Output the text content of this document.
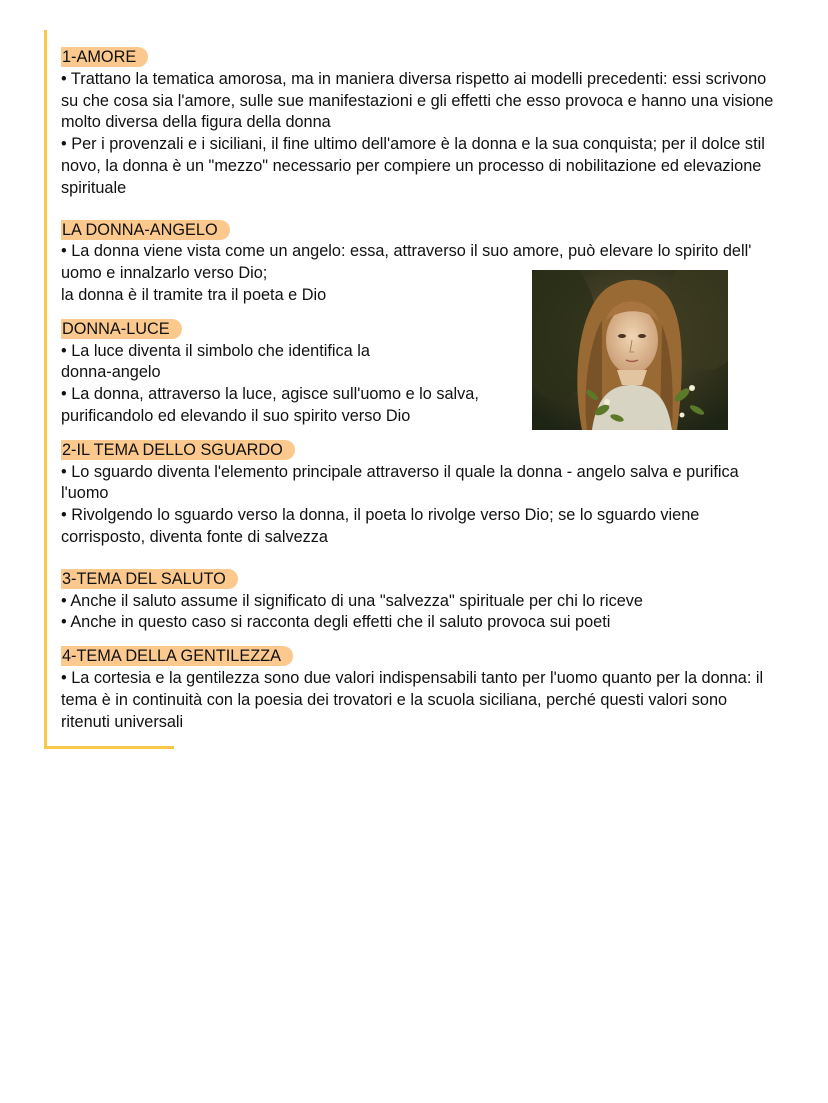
1-AMORE

• Trattano la tematica amorosa, ma in maniera diversa rispetto ai modelli precedenti: essi scrivono su che cosa sia l'amore, sulle sue manifestazioni e gli effetti che esso provoca e hanno una visione molto diversa della figura della donna

• Per i provenzali e i siciliani, il fine ultimo dell'amore è la donna e la sua conquista; per il dolce stil novo, la donna è un "mezzo" necessario per compiere un processo di nobilitazione ed elevazione spirituale

LA DONNA-ANGELO

• La donna viene vista come un angelo: essa, attraverso il suo amore, può elevare lo spirito dell' uomo e innalzarlo verso Dio;

la donna è il tramite tra il poeta e Dio

DONNA-LUCE

• La luce diventa il simbolo che identifica la donna-angelo

• La donna, attraverso la luce, agisce sull'uomo e lo salva, purificandolo ed elevando il suo spirito verso Dio

2-IL TEMA DELLO SGUARDO

• Lo sguardo diventa l'elemento principale attraverso il quale la donna - angelo salva e purifica l'uomo

• Rivolgendo lo sguardo verso la donna, il poeta lo rivolge verso Dio; se lo sguardo viene corrisposto, diventa fonte di salvezza

3-TEMA DEL SALUTO

• Anche il saluto assume il significato di una "salvezza" spirituale per chi lo riceve

• Anche in questo caso si racconta degli effetti che il saluto provoca sui poeti

4-TEMA DELLA GENTILEZZA

• La cortesia e la gentilezza sono due valori indispensabili tanto per l'uomo quanto per la donna: il tema è in continuità con la poesia dei trovatori e la scuola siciliana, perché questi valori sono ritenuti universali
